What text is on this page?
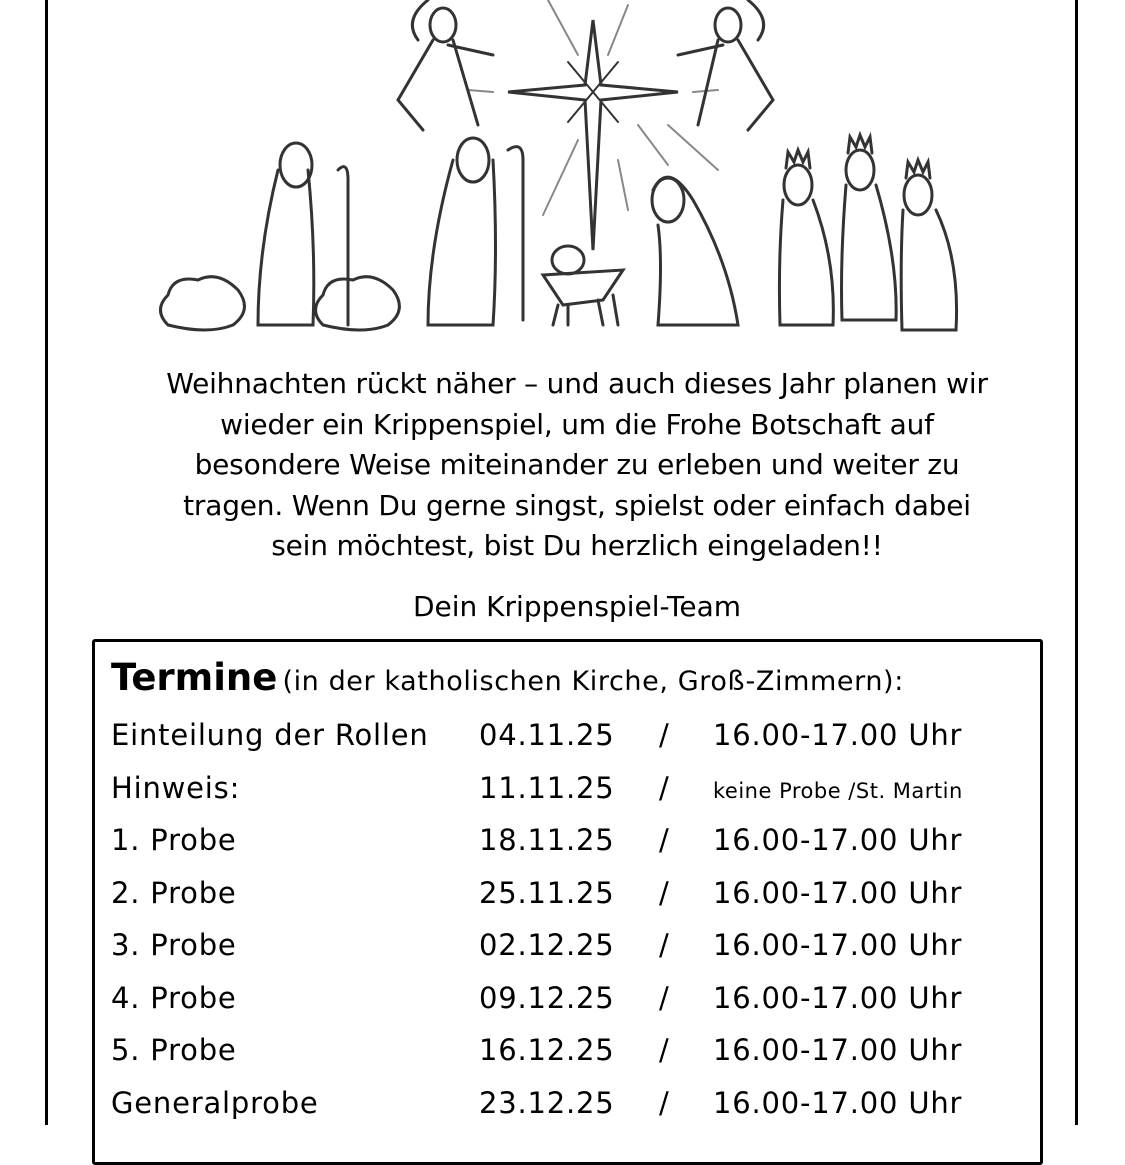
Weihnachten rückt näher – und auch dieses Jahr planen wir
wieder ein Krippenspiel, um die Frohe Botschaft auf
besondere Weise miteinander zu erleben und weiter zu
tragen. Wenn Du gerne singst, spielst oder einfach dabei
sein möchtest, bist Du herzlich eingeladen!!
Dein Krippenspiel-Team
Termine (in der katholischen Kirche, Groß-Zimmern):
Einteilung der Rollen 04.11.25 / 16.00-17.00 Uhr
Hinweis:	11.11.25 / keine Probe /St. Martin
1. Probe	18.11.25 / 16.00-17.00 Uhr
2. Probe	25.11.25 / 16.00-17.00 Uhr
3. Probe	02.12.25 / 16.00-17.00 Uhr
4. Probe	09.12.25 / 16.00-17.00 Uhr
5. Probe	16.12.25 / 16.00-17.00 Uhr
Generalprobe	23.12.25 / 16.00-17.00 Uhr
